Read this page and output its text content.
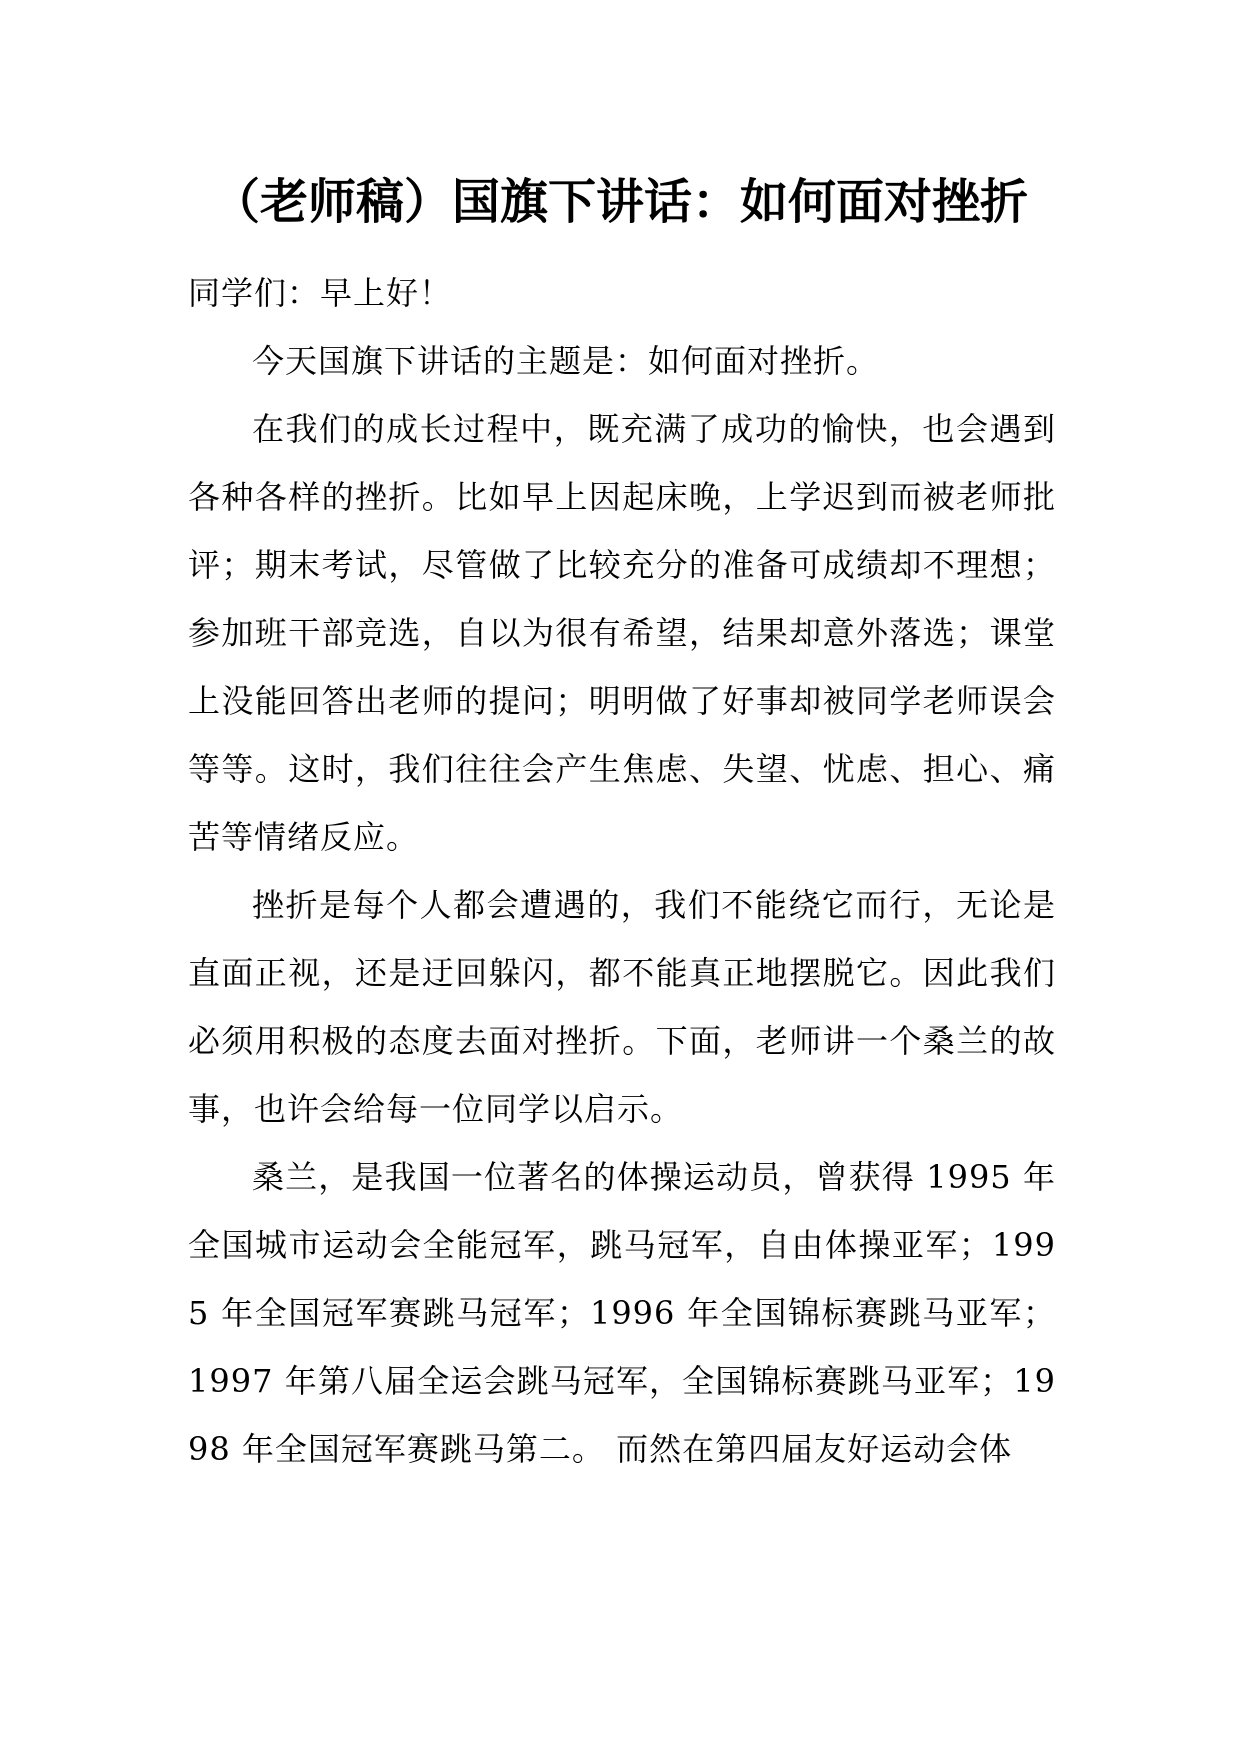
（老师稿）国旗下讲话：如何面对挫折

同学们：早上好！

今天国旗下讲话的主题是：如何面对挫折。

在我们的成长过程中，既充满了成功的愉快，也会遇到各种各样的挫折。比如早上因起床晚，上学迟到而被老师批评；期末考试，尽管做了比较充分的准备可成绩却不理想；参加班干部竞选，自以为很有希望，结果却意外落选；课堂上没能回答出老师的提问；明明做了好事却被同学老师误会等等。这时，我们往往会产生焦虑、失望、忧虑、担心、痛苦等情绪反应。

挫折是每个人都会遭遇的，我们不能绕它而行，无论是直面正视，还是迂回躲闪，都不能真正地摆脱它。因此我们必须用积极的态度去面对挫折。下面，老师讲一个桑兰的故事，也许会给每一位同学以启示。

桑兰，是我国一位著名的体操运动员，曾获得 1995 年全国城市运动会全能冠军，跳马冠军，自由体操亚军；1995 年全国冠军赛跳马冠军；1996 年全国锦标赛跳马亚军；1997 年第八届全运会跳马冠军，全国锦标赛跳马亚军；1998 年全国冠军赛跳马第二。 而然在第四届友好运动会体
